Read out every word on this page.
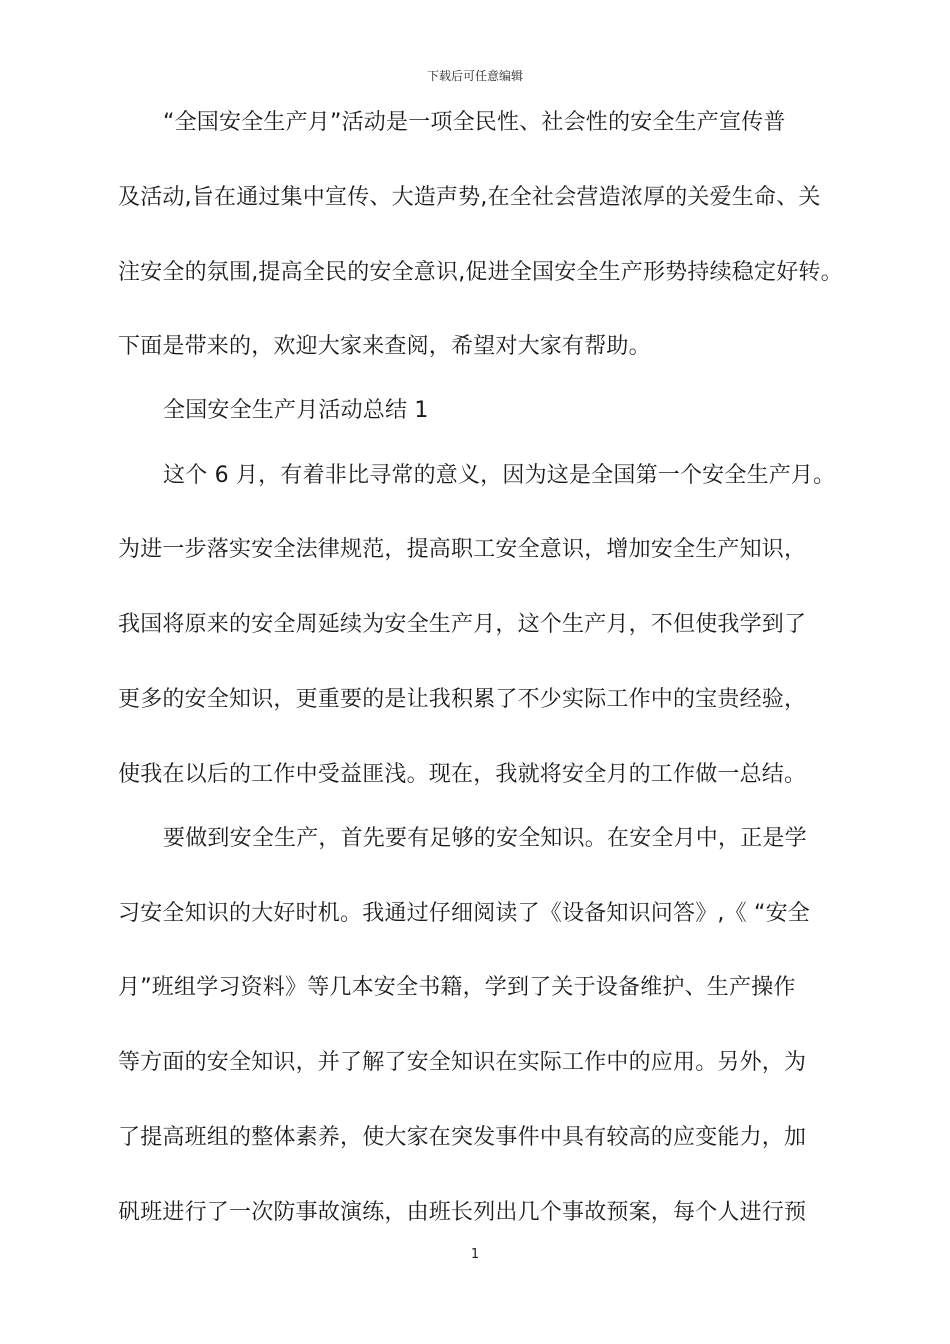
下载后可任意编辑
“全国安全生产月”活动是一项全民性、社会性的安全生产宣传普
及活动,旨在通过集中宣传、大造声势,在全社会营造浓厚的关爱生命、关
注安全的氛围,提高全民的安全意识,促进全国安全生产形势持续稳定好转。
下面是带来的，欢迎大家来查阅，希望对大家有帮助。
全国安全生产月活动总结 1
这个 6 月，有着非比寻常的意义，因为这是全国第一个安全生产月。
为进一步落实安全法律规范，提高职工安全意识，增加安全生产知识，
我国将原来的安全周延续为安全生产月，这个生产月，不但使我学到了
更多的安全知识，更重要的是让我积累了不少实际工作中的宝贵经验，
使我在以后的工作中受益匪浅。现在，我就将安全月的工作做一总结。
要做到安全生产，首先要有足够的安全知识。在安全月中，正是学
习安全知识的大好时机。我通过仔细阅读了《设备知识问答》,《 “安全
月”班组学习资料》等几本安全书籍，学到了关于设备维护、生产操作
等方面的安全知识，并了解了安全知识在实际工作中的应用。另外，为
了提高班组的整体素养，使大家在突发事件中具有较高的应变能力，加
矾班进行了一次防事故演练，由班长列出几个事故预案，每个人进行预
1
